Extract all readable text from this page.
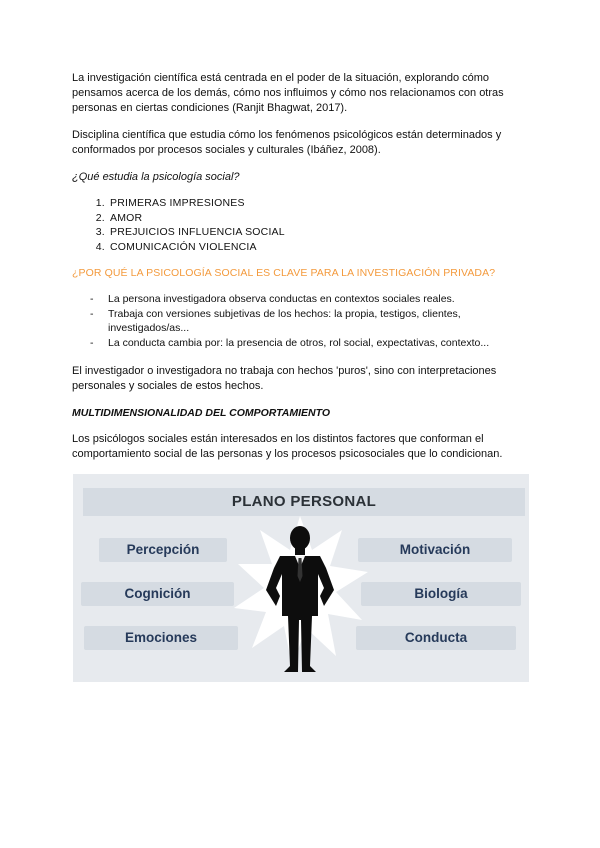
La investigación científica está centrada en el poder de la situación, explorando cómo pensamos acerca de los demás, cómo nos influimos y cómo nos relacionamos con otras personas en ciertas condiciones (Ranjit Bhagwat, 2017).
Disciplina científica que estudia cómo los fenómenos psicológicos están determinados y conformados por procesos sociales y culturales (Ibáñez, 2008).
¿Qué estudia la psicología social?
1. PRIMERAS IMPRESIONES
2. AMOR
3. PREJUICIOS INFLUENCIA SOCIAL
4. COMUNICACIÓN VIOLENCIA
¿POR QUÉ LA PSICOLOGÍA SOCIAL ES CLAVE PARA LA INVESTIGACIÓN PRIVADA?
- La persona investigadora observa conductas en contextos sociales reales.
- Trabaja con versiones subjetivas de los hechos: la propia, testigos, clientes, investigados/as...
- La conducta cambia por: la presencia de otros, rol social, expectativas, contexto...
El investigador o investigadora no trabaja con hechos 'puros', sino con interpretaciones personales y sociales de estos hechos.
MULTIDIMENSIONALIDAD DEL COMPORTAMIENTO
Los psicólogos sociales están interesados en los distintos factores que conforman el comportamiento social de las personas y los procesos psicosociales que lo condicionan.
PLANO PERSONAL
Percepción
Cognición
Emociones
Motivación
Biología
Conducta
